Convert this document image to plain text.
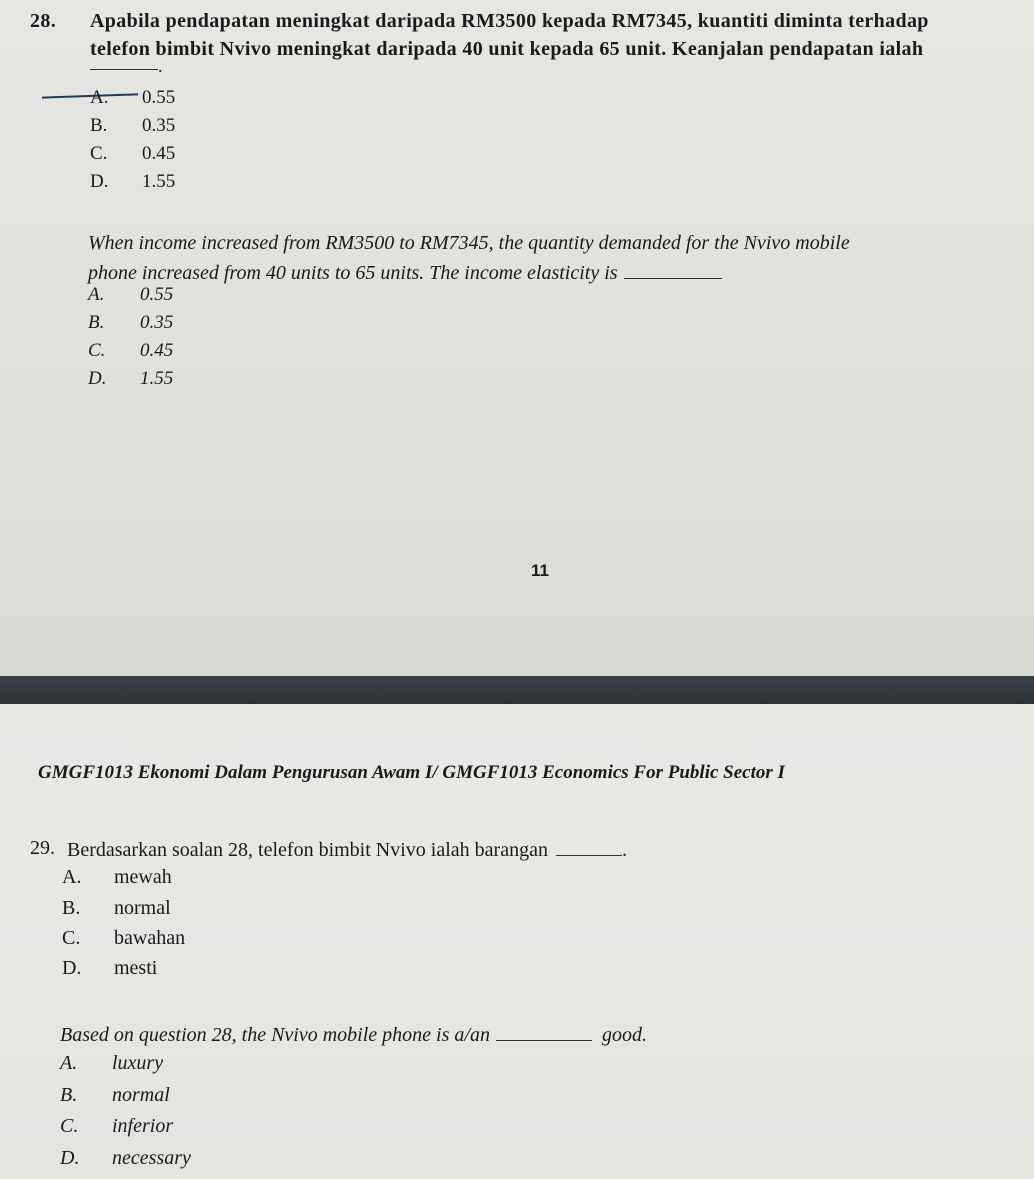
28. Apabila pendapatan meningkat daripada RM3500 kepada RM7345, kuantiti diminta terhadap
telefon bimbit Nvivo meningkat daripada 40 unit kepada 65 unit. Keanjalan pendapatan ialah
.
A. 0.55
B. 0.35
C. 0.45
D. 1.55
When income increased from RM3500 to RM7345, the quantity demanded for the Nvivo mobile
phone increased from 40 units to 65 units. The income elasticity is
A. 0.55
B. 0.35
C. 0.45
D. 1.55
11
GMGF1013 Ekonomi Dalam Pengurusan Awam I/ GMGF1013 Economics For Public Sector I
29. Berdasarkan soalan 28, telefon bimbit Nvivo ialah barangan	.
A. mewah
B. normal
C. bawahan
D. mesti
Based on question 28, the Nvivo mobile phone is a/an	good.
A. luxury
B. normal
C. inferior
D. necessary
